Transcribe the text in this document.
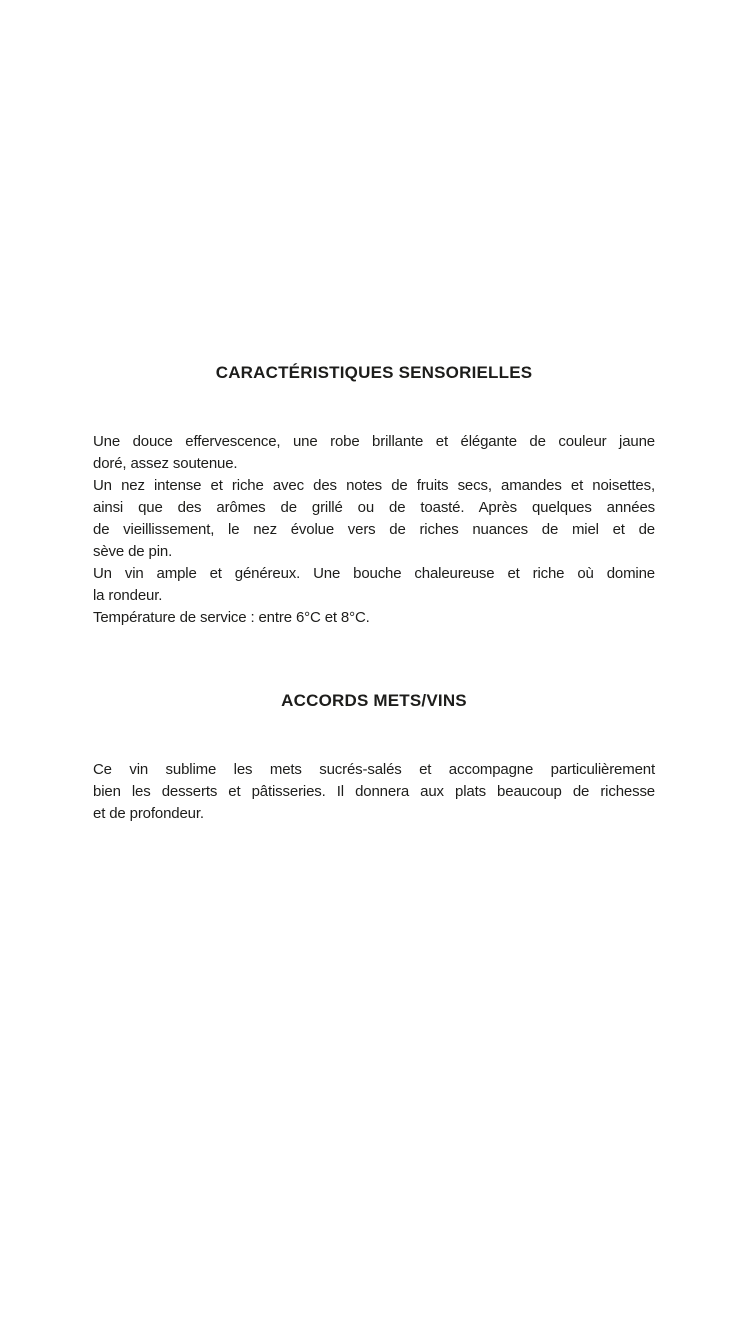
CARACTÉRISTIQUES SENSORIELLES

Une douce effervescence, une robe brillante et élégante de couleur jaune

doré, assez soutenue.

Un nez intense et riche avec des notes de fruits secs, amandes et noisettes,

ainsi que des arômes de grillé ou de toasté. Après quelques années

de vieillissement, le nez évolue vers de riches nuances de miel et de

sève de pin.

Un vin ample et généreux. Une bouche chaleureuse et riche où domine

la rondeur.

Température de service : entre 6°C et 8°C.

ACCORDS METS/VINS

Ce vin sublime les mets sucrés-salés et accompagne particulièrement

bien les desserts et pâtisseries. Il donnera aux plats beaucoup de richesse

et de profondeur.
